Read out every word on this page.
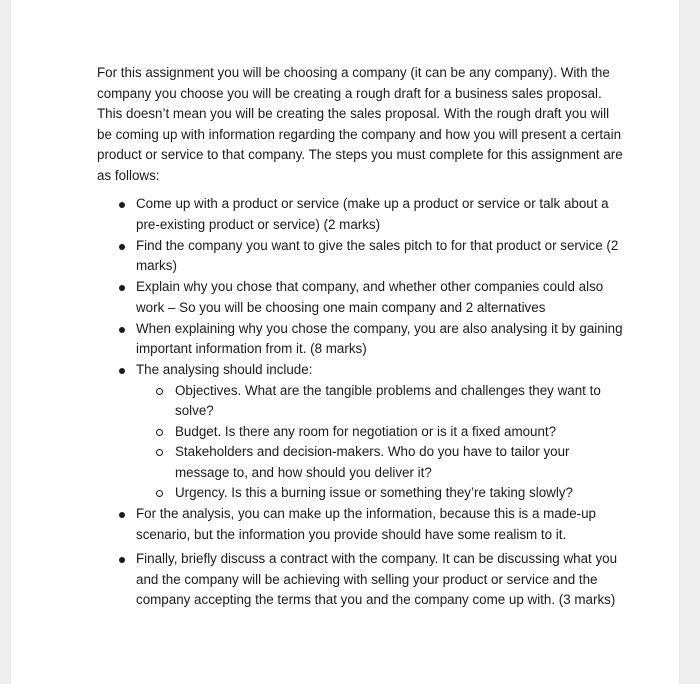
For this assignment you will be choosing a company (it can be any company). With the company you choose you will be creating a rough draft for a business sales proposal. This doesn’t mean you will be creating the sales proposal. With the rough draft you will be coming up with information regarding the company and how you will present a certain product or service to that company. The steps you must complete for this assignment are as follows:

Come up with a product or service (make up a product or service or talk about a pre-existing product or service) (2 marks)
Find the company you want to give the sales pitch to for that product or service (2 marks)
Explain why you chose that company, and whether other companies could also work – So you will be choosing one main company and 2 alternatives
When explaining why you chose the company, you are also analysing it by gaining important information from it. (8 marks)
The analysing should include:
Objectives. What are the tangible problems and challenges they want to solve?
Budget. Is there any room for negotiation or is it a fixed amount?
Stakeholders and decision-makers. Who do you have to tailor your message to, and how should you deliver it?
Urgency. Is this a burning issue or something they’re taking slowly?
For the analysis, you can make up the information, because this is a made-up scenario, but the information you provide should have some realism to it.
Finally, briefly discuss a contract with the company. It can be discussing what you and the company will be achieving with selling your product or service and the company accepting the terms that you and the company come up with. (3 marks)
